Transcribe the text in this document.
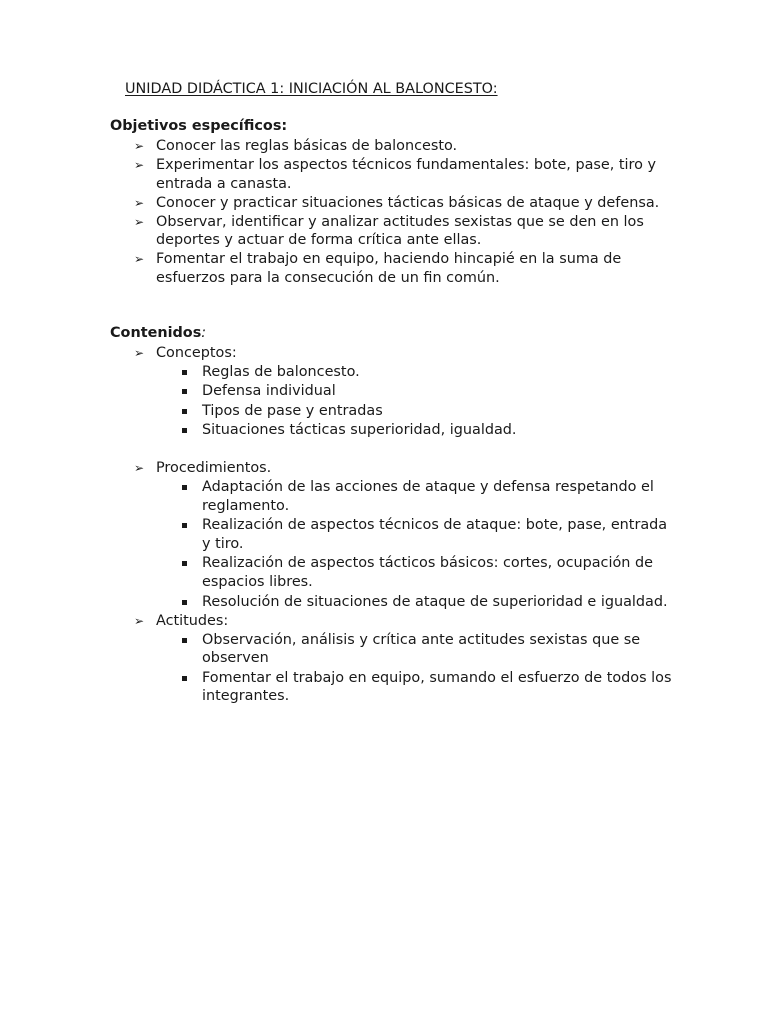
UNIDAD DIDÁCTICA 1: INICIACIÓN AL BALONCESTO:
Objetivos específicos:
➢ Conocer las reglas básicas de baloncesto.
➢ Experimentar los aspectos técnicos fundamentales: bote, pase, tiro y entrada a canasta.
➢ Conocer y practicar situaciones tácticas básicas de ataque y defensa.
➢ Observar, identificar y analizar actitudes sexistas que se den en los deportes y actuar de forma crítica ante ellas.
➢ Fomentar el trabajo en equipo, haciendo hincapié en la suma de esfuerzos para la consecución de un fin común.
Contenidos:
➢ Conceptos:
Reglas de baloncesto.
Defensa individual
Tipos de pase y entradas
Situaciones tácticas superioridad, igualdad.
➢ Procedimientos.
Adaptación de las acciones de ataque y defensa respetando el reglamento.
Realización de aspectos técnicos de ataque: bote, pase, entrada y tiro.
Realización de aspectos tácticos básicos: cortes, ocupación de espacios libres.
Resolución de situaciones de ataque de superioridad e igualdad.
➢ Actitudes:
Observación, análisis y crítica ante actitudes sexistas que se observen
Fomentar el trabajo en equipo, sumando el esfuerzo de todos los integrantes.
